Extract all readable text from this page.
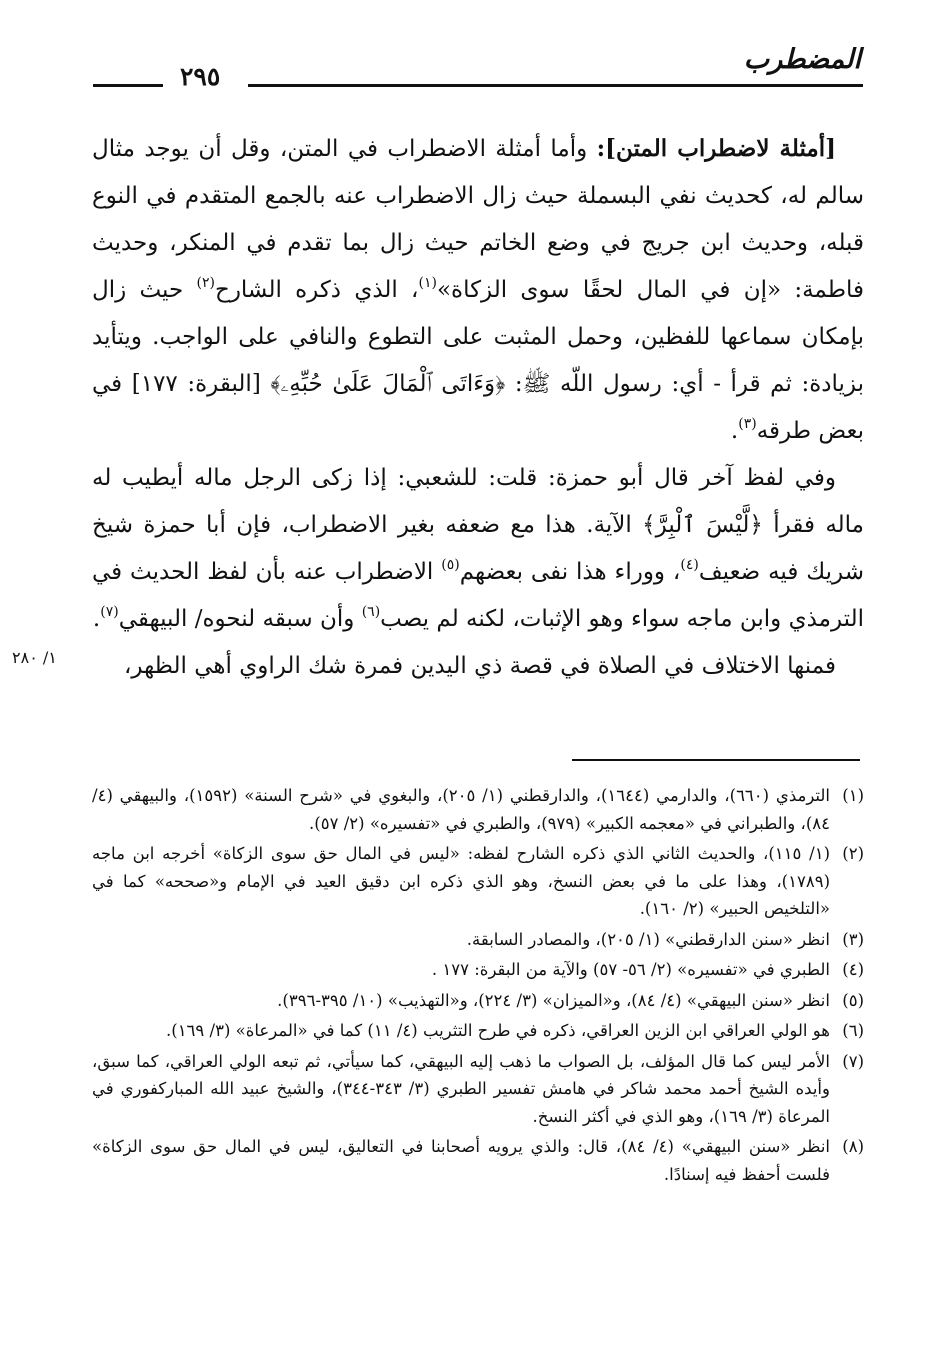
المضطرب
٢٩٥

[أمثلة لاضطراب المتن]: وأما أمثلة الاضطراب في المتن، وقل أن يوجد مثال سالم له، كحديث نفي البسملة حيث زال الاضطراب عنه بالجمع المتقدم في النوع قبله، وحديث ابن جريج في وضع الخاتم حيث زال بما تقدم في المنكر، وحديث فاطمة: «إن في المال لحقًا سوى الزكاة»$^{(١)}$، الذي ذكره الشارح$^{(٢)}$ حيث زال بإمكان سماعها للفظين، وحمل المثبت على التطوع والنافي على الواجب. ويتأيد بزيادة: ثم قرأ - أي: رسول اللّه ﷺ: ﴿وَءَاتَى ٱلْمَالَ عَلَىٰ حُبِّهِۦ﴾ [البقرة: ١٧٧] في بعض طرقه$^{(٣)}$.

وفي لفظ آخر قال أبو حمزة: قلت: للشعبي: إذا زكى الرجل ماله أيطيب له ماله فقرأ ﴿لَّيْسَ ٱلْبِرَّ﴾ الآية. هذا مع ضعفه بغير الاضطراب، فإن أبا حمزة شيخ شريك فيه ضعيف$^{(٤)}$، ووراء هذا نفى بعضهم$^{(٥)}$ الاضطراب عنه بأن لفظ الحديث في الترمذي وابن ماجه سواء وهو الإثبات، لكنه لم يصب$^{(٦)}$ وأن سبقه لنحوه/ البيهقي$^{(٧)}$.

فمنها الاختلاف في الصلاة في قصة ذي اليدين فمرة شك الراوي أهي الظهر،

١/ ٢٨٠

(١)
الترمذي (٦٦٠)، والدارمي (١٦٤٤)، والدارقطني (١/ ٢٠٥)، والبغوي في «شرح السنة» (١٥٩٢)، والبيهقي (٤/ ٨٤)، والطبراني في «معجمه الكبير» (٩٧٩)، والطبري في «تفسيره» (٢/ ٥٧).

(٢)
(١/ ١١٥)، والحديث الثاني الذي ذكره الشارح لفظه: «ليس في المال حق سوى الزكاة» أخرجه ابن ماجه (١٧٨٩)، وهذا على ما في بعض النسخ، وهو الذي ذكره ابن دقيق العيد في الإمام و«صححه» كما في «التلخيص الحبير» (٢/ ١٦٠).

(٣)
انظر «سنن الدارقطني» (١/ ٢٠٥)، والمصادر السابقة.

(٤)
الطبري في «تفسيره» (٢/ ٥٦- ٥٧) والآية من البقرة: ١٧٧ .

(٥)
انظر «سنن البيهقي» (٤/ ٨٤)، و«الميزان» (٣/ ٢٢٤)، و«التهذيب» (١٠/ ٣٩٥-٣٩٦).

(٦)
هو الولي العراقي ابن الزين العراقي، ذكره في طرح التثريب (٤/ ١١) كما في «المرعاة» (٣/ ١٦٩).

(٧)
الأمر ليس كما قال المؤلف، بل الصواب ما ذهب إليه البيهقي، كما سيأتي، ثم تبعه الولي العراقي، كما سبق، وأيده الشيخ أحمد محمد شاكر في هامش تفسير الطبري (٣/ ٣٤٣-٣٤٤)، والشيخ عبيد الله المباركفوري في المرعاة (٣/ ١٦٩)، وهو الذي في أكثر النسخ.

(٨)
انظر «سنن البيهقي» (٤/ ٨٤)، قال: والذي يرويه أصحابنا في التعاليق، ليس في المال حق سوى الزكاة» فلست أحفظ فيه إسنادًا.
